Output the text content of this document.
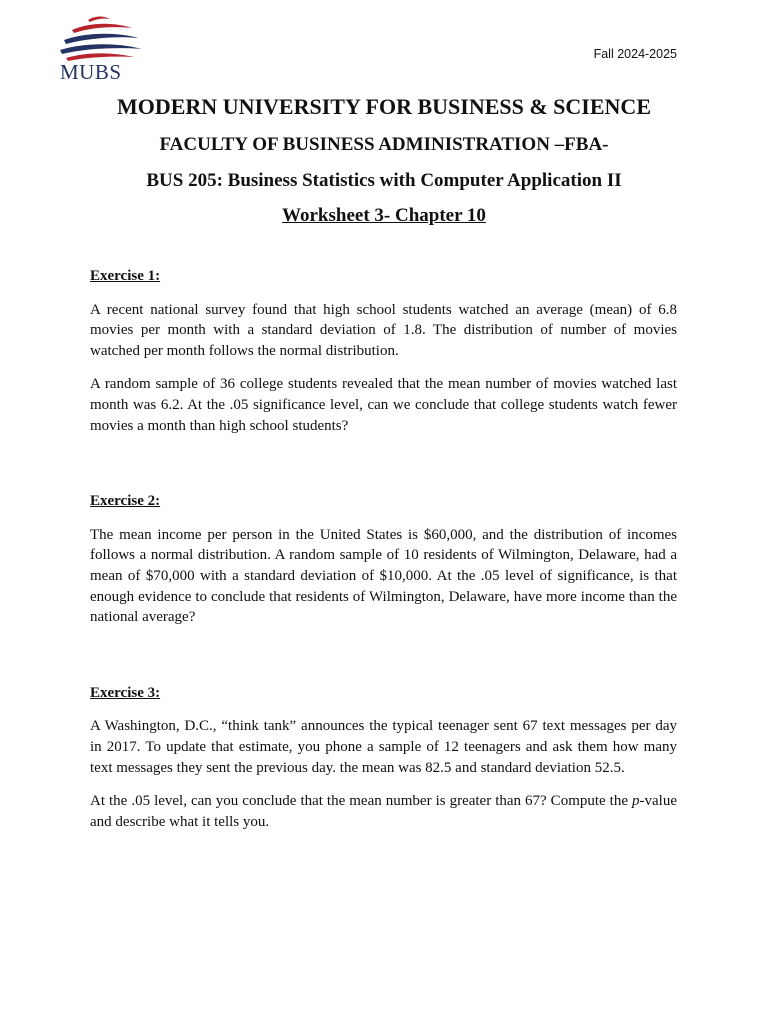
MUBS
Fall 2024-2025
MODERN UNIVERSITY FOR BUSINESS & SCIENCE
FACULTY OF BUSINESS ADMINISTRATION –FBA-
BUS 205: Business Statistics with Computer Application II
Worksheet 3- Chapter 10
Exercise 1:

A recent national survey found that high school students watched an average (mean) of 6.8 movies per month with a standard deviation of 1.8. The distribution of number of movies watched per month follows the normal distribution.

A random sample of 36 college students revealed that the mean number of movies watched last month was 6.2. At the .05 significance level, can we conclude that college students watch fewer movies a month than high school students?

Exercise 2:

The mean income per person in the United States is $60,000, and the distribution of incomes follows a normal distribution. A random sample of 10 residents of Wilmington, Delaware, had a mean of $70,000 with a standard deviation of $10,000. At the .05 level of significance, is that enough evidence to conclude that residents of Wilmington, Delaware, have more income than the national average?

Exercise 3:

A Washington, D.C., “think tank” announces the typical teenager sent 67 text messages per day in 2017. To update that estimate, you phone a sample of 12 teenagers and ask them how many text messages they sent the previous day. the mean was 82.5 and standard deviation 52.5.

At the .05 level, can you conclude that the mean number is greater than 67? Compute the p-value and describe what it tells you.
